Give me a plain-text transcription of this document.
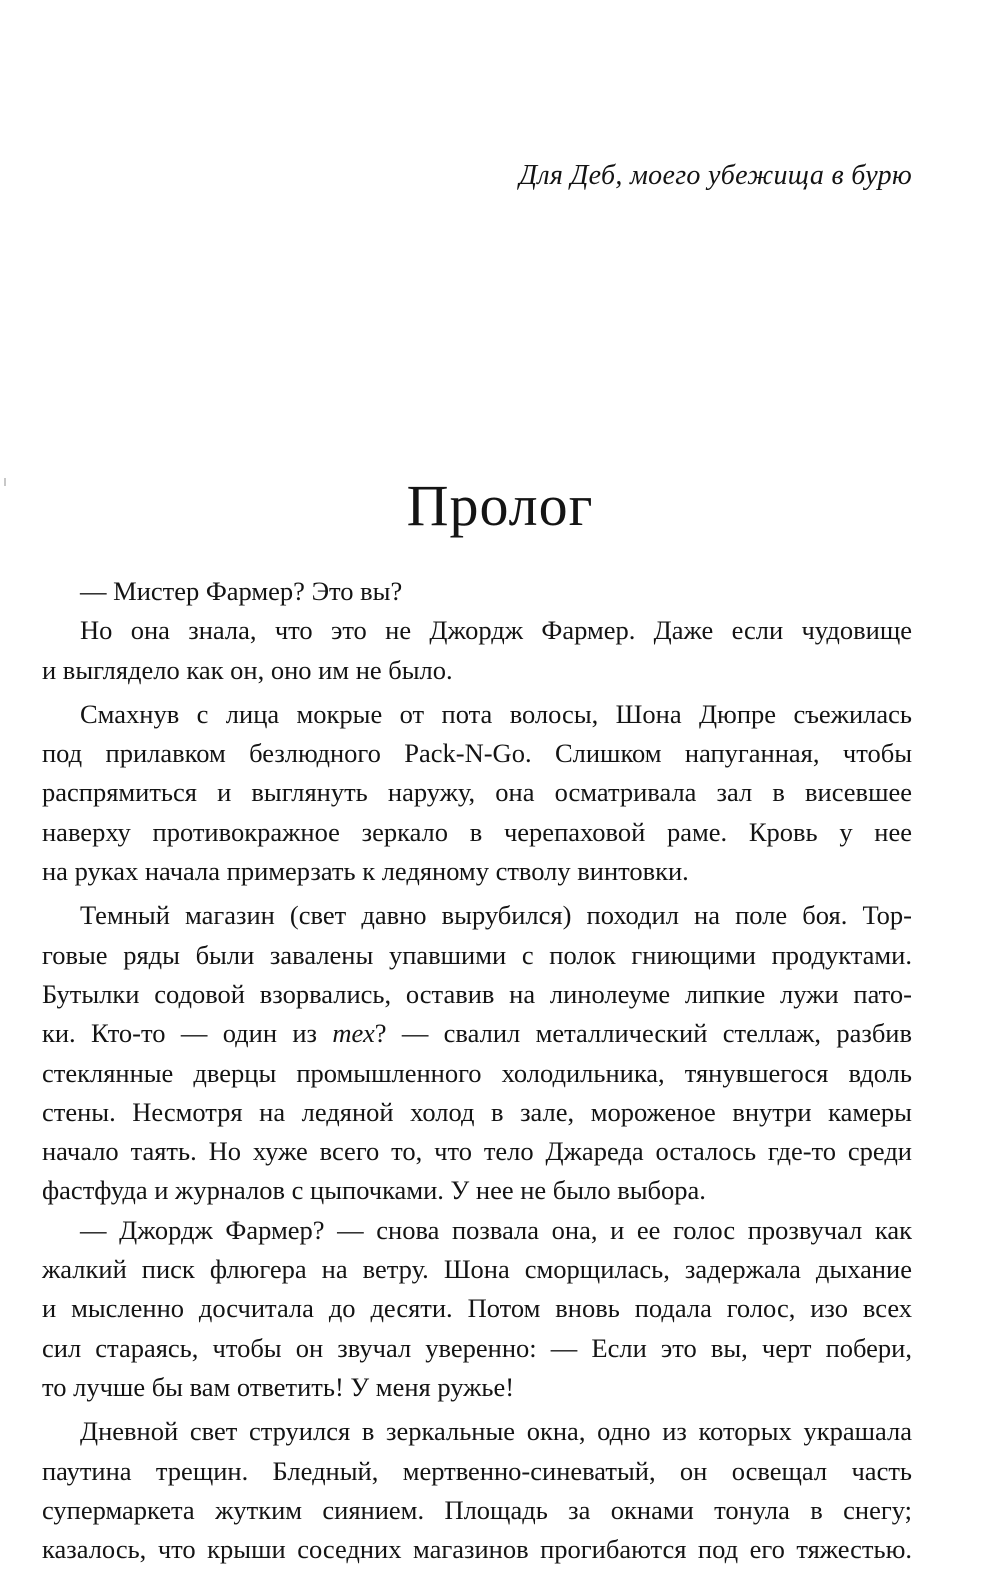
Для Деб, моего убежища в бурю
Пролог
— Мистер Фармер? Это вы?
Но она знала, что это не Джордж Фармер. Даже если чудовище
и выглядело как он, оно им не было.
Смахнув с лица мокрые от пота волосы, Шона Дюпре съежилась
под прилавком безлюдного Pack-N-Go. Слишком напуганная, чтобы
распрямиться и выглянуть наружу, она осматривала зал в висевшее
наверху противокражное зеркало в черепаховой раме. Кровь у нее
на руках начала примерзать к ледяному стволу винтовки.
Темный магазин (свет давно вырубился) походил на поле боя. Тор-
говые ряды были завалены упавшими с полок гниющими продуктами.
Бутылки содовой взорвались, оставив на линолеуме липкие лужи пато-
ки. Кто-то — один из тех? — свалил металлический стеллаж, разбив
стеклянные дверцы промышленного холодильника, тянувшегося вдоль
стены. Несмотря на ледяной холод в зале, мороженое внутри камеры
начало таять. Но хуже всего то, что тело Джареда осталось где-то среди
фастфуда и журналов с цыпочками. У нее не было выбора.
— Джордж Фармер? — снова позвала она, и ее голос прозвучал как
жалкий писк флюгера на ветру. Шона сморщилась, задержала дыхание
и мысленно досчитала до десяти. Потом вновь подала голос, изо всех
сил стараясь, чтобы он звучал уверенно: — Если это вы, черт побери,
то лучше бы вам ответить! У меня ружье!
Дневной свет струился в зеркальные окна, одно из которых украшала
паутина трещин. Бледный, мертвенно-синеватый, он освещал часть
супермаркета жутким сиянием. Площадь за окнами тонула в снегу;
казалось, что крыши соседних магазинов прогибаются под его тяжестью.
